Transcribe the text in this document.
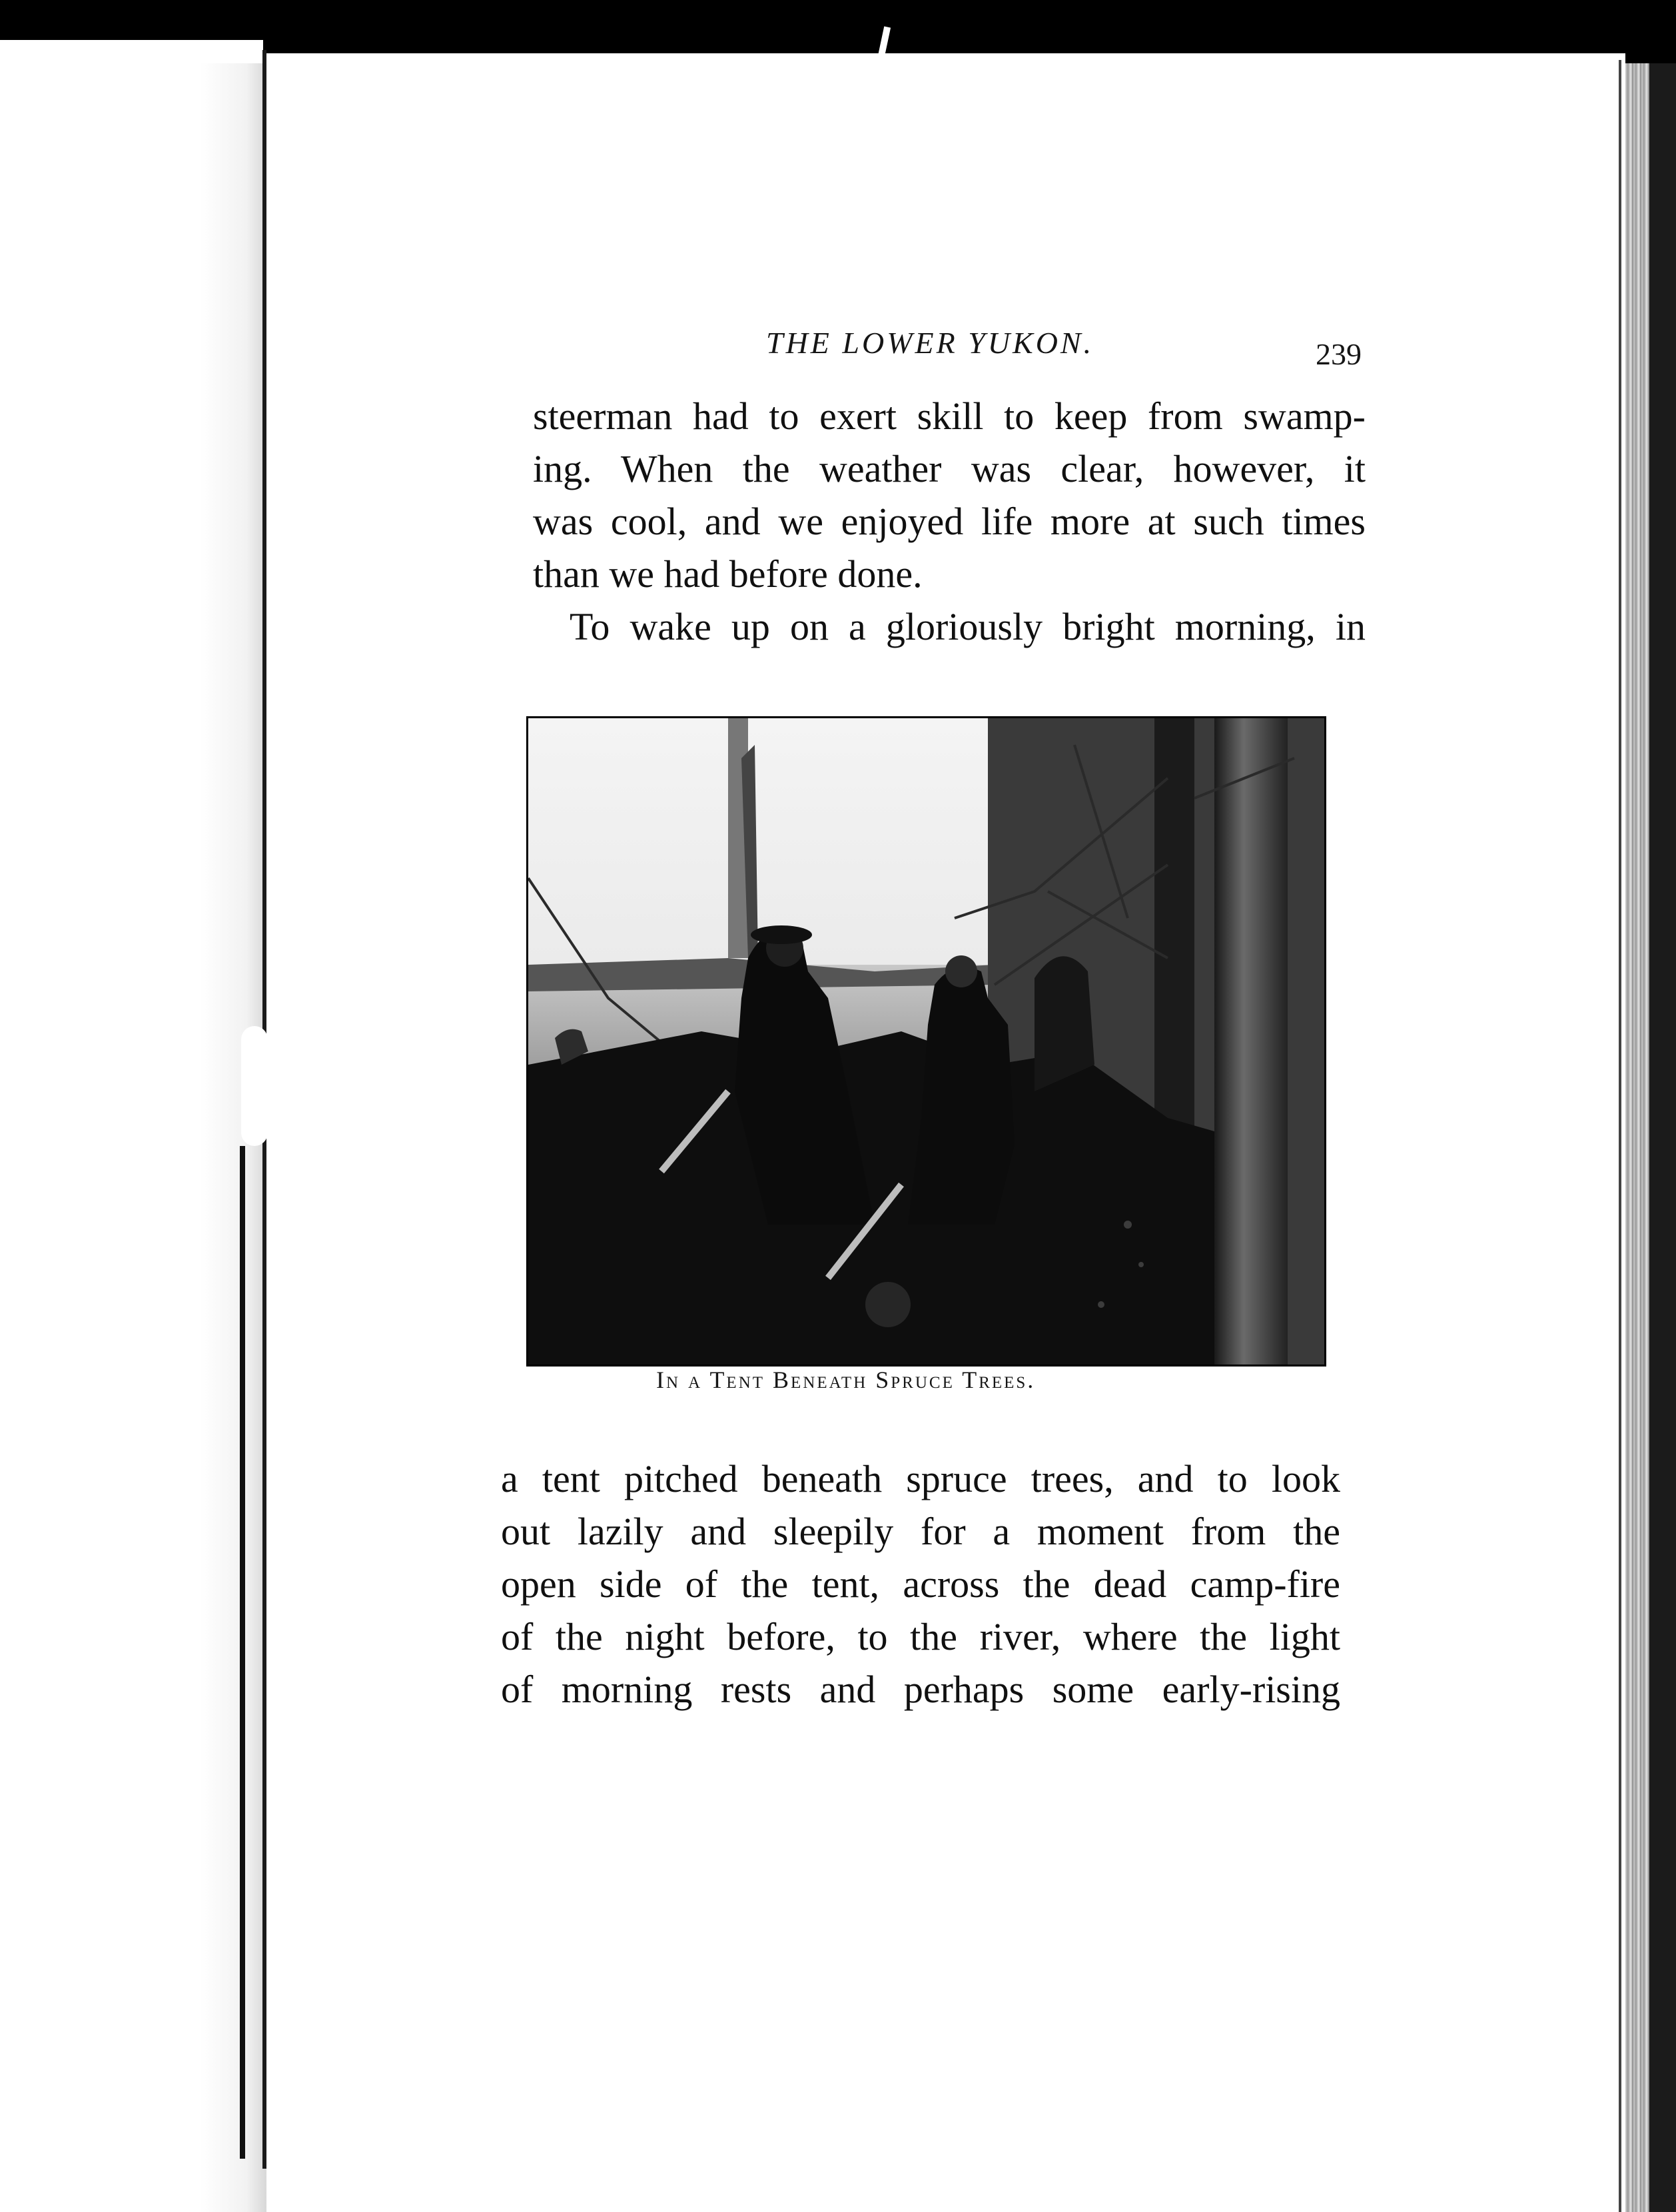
THE LOWER YUKON.	239
steerman had to exert skill to keep from swamp-
ing. When the weather was clear, however, it
was cool, and we enjoyed life more at such times
than we had before done.
To wake up on a gloriously bright morning, in
In a Tent Beneath Spruce Trees.
a tent pitched beneath spruce trees, and to look
out lazily and sleepily for a moment from the
open side of the tent, across the dead camp-fire
of the night before, to the river, where the light
of morning rests and perhaps some early-rising
